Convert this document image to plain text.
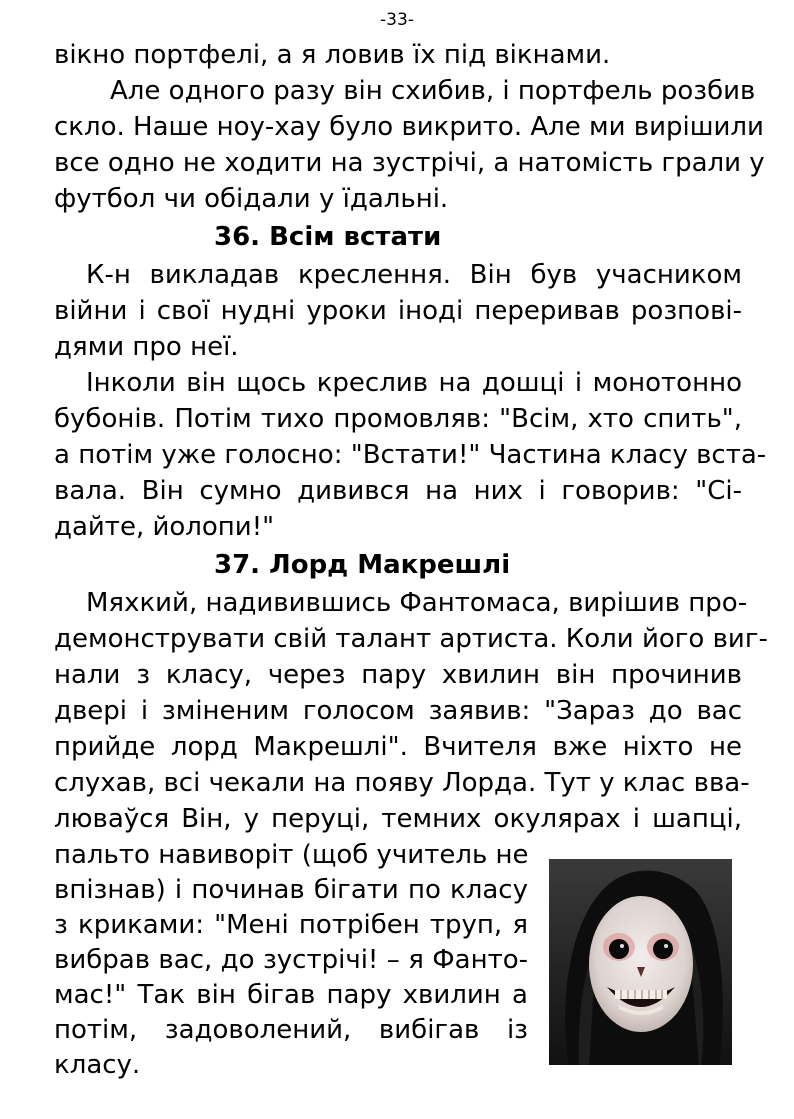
-33-
вікно портфелі, а я ловив їх під вікнами.
Але одного разу він схибив, і портфель розбив
скло. Наше ноу-хау було викрито. Але ми вирішили
все одно не ходити на зустрічі, а натомість грали у
футбол чи обідали у їдальні.
36. Всім встати
К-н викладав креслення. Він був учасником
війни і свої нудні уроки іноді переривав розпові-
дями про неї.
Інколи він щось креслив на дошці і монотонно
бубонів. Потім тихо промовляв: "Всім, хто спить",
а потім уже голосно: "Встати!" Частина класу вста-
вала. Він сумно дивився на них і говорив: "Сі-
дайте, йолопи!"
37. Лорд Макрешлі
Мяхкий, надивившись Фантомаса, вирішив про-
демонструвати свій талант артиста. Коли його виг-
нали з класу, через пару хвилин він прочинив
двері і зміненим голосом заявив: "Зараз до вас
прийде лорд Макрешлі". Вчителя вже ніхто не
слухав, всі чекали на появу Лорда. Тут у клас вва-
люваўся Він, у перуці, темних окулярах і шапці,
пальто навиворіт (щоб учитель не
впізнав) і починав бігати по класу
з криками: "Мені потрібен труп, я
вибрав вас, до зустрічі! – я Фанто-
мас!" Так він бігав пару хвилин а
потім, задоволений, вибігав із
класу.
